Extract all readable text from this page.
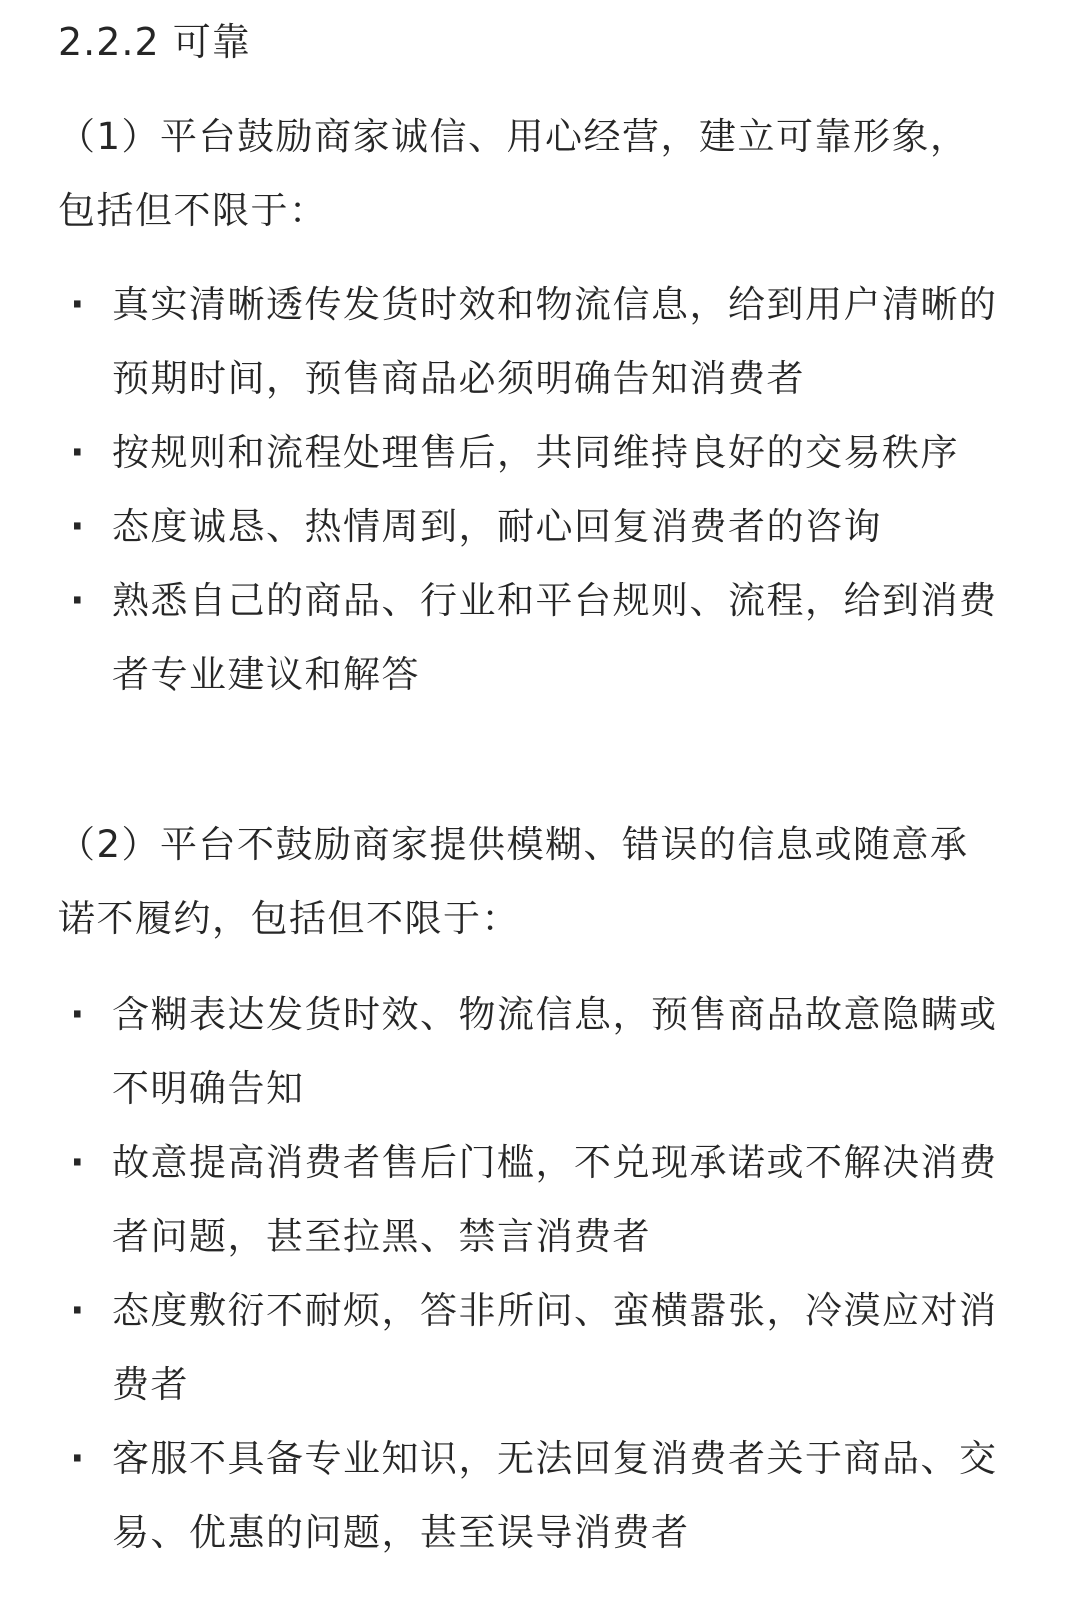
2.2.2 可靠
（1）平台鼓励商家诚信、用心经营，建立可靠形象，包括但不限于：
· 真实清晰透传发货时效和物流信息，给到用户清晰的预期时间，预售商品必须明确告知消费者
· 按规则和流程处理售后，共同维持良好的交易秩序
· 态度诚恳、热情周到，耐心回复消费者的咨询
· 熟悉自己的商品、行业和平台规则、流程，给到消费者专业建议和解答
（2）平台不鼓励商家提供模糊、错误的信息或随意承诺不履约，包括但不限于：
· 含糊表达发货时效、物流信息，预售商品故意隐瞒或不明确告知
· 故意提高消费者售后门槛，不兑现承诺或不解决消费者问题，甚至拉黑、禁言消费者
· 态度敷衍不耐烦，答非所问、蛮横嚣张，冷漠应对消费者
· 客服不具备专业知识，无法回复消费者关于商品、交易、优惠的问题，甚至误导消费者
